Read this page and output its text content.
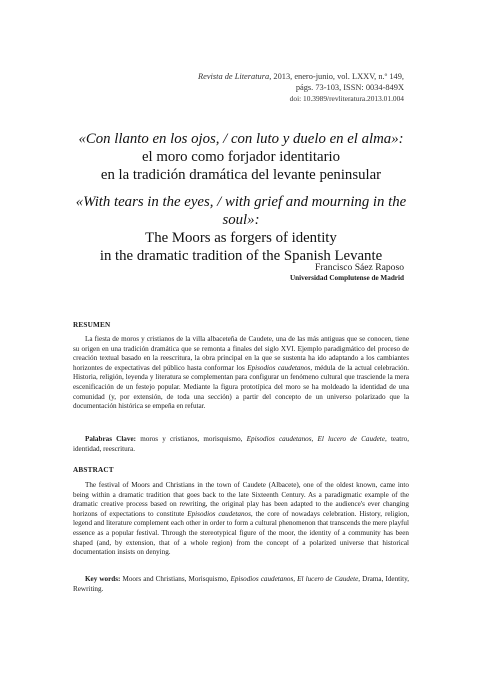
Revista de Literatura, 2013, enero-junio, vol. LXXV, n.º 149,
págs. 73-103, ISSN: 0034-849X
doi: 10.3989/revliteratura.2013.01.004
«Con llanto en los ojos, / con luto y duelo en el alma»:
el moro como forjador identitario
en la tradición dramática del levante peninsular
«With tears in the eyes, / with grief and mourning in the soul»:
The Moors as forgers of identity
in the dramatic tradition of the Spanish Levante
Francisco Sáez Raposo
Universidad Complutense de Madrid
RESUMEN
La fiesta de moros y cristianos de la villa albaceteña de Caudete, una de las más antiguas que se conocen, tiene su origen en una tradición dramática que se remonta a finales del siglo XVI. Ejemplo paradigmático del proceso de creación textual basado en la reescritura, la obra principal en la que se sustenta ha ido adaptando a los cambiantes horizontes de expectativas del público hasta conformar los Episodios caudetanos, médula de la actual celebración. Historia, religión, leyenda y literatura se complementan para configurar un fenómeno cultural que trasciende la mera escenificación de un festejo popular. Mediante la figura prototípica del moro se ha moldeado la identidad de una comunidad (y, por extensión, de toda una sección) a partir del concepto de un universo polarizado que la documentación histórica se empeña en refutar.
Palabras Clave: moros y cristianos, morisquismo, Episodios caudetanos, El lucero de Caudete, teatro, identidad, reescritura.
ABSTRACT
The festival of Moors and Christians in the town of Caudete (Albacete), one of the oldest known, came into being within a dramatic tradition that goes back to the late Sixteenth Century. As a paradigmatic example of the dramatic creative process based on rewriting, the original play has been adapted to the audience's ever changing horizons of expectations to constitute Episodios caudetanos, the core of nowadays celebration. History, religion, legend and literature complement each other in order to form a cultural phenomenon that transcends the mere playful essence as a popular festival. Through the stereotypical figure of the moor, the identity of a community has been shaped (and, by extension, that of a whole region) from the concept of a polarized universe that historical documentation insists on denying.
Key words: Moors and Christians, Morisquismo, Episodios caudetanos, El lucero de Caudete, Drama, Identity, Rewriting.
